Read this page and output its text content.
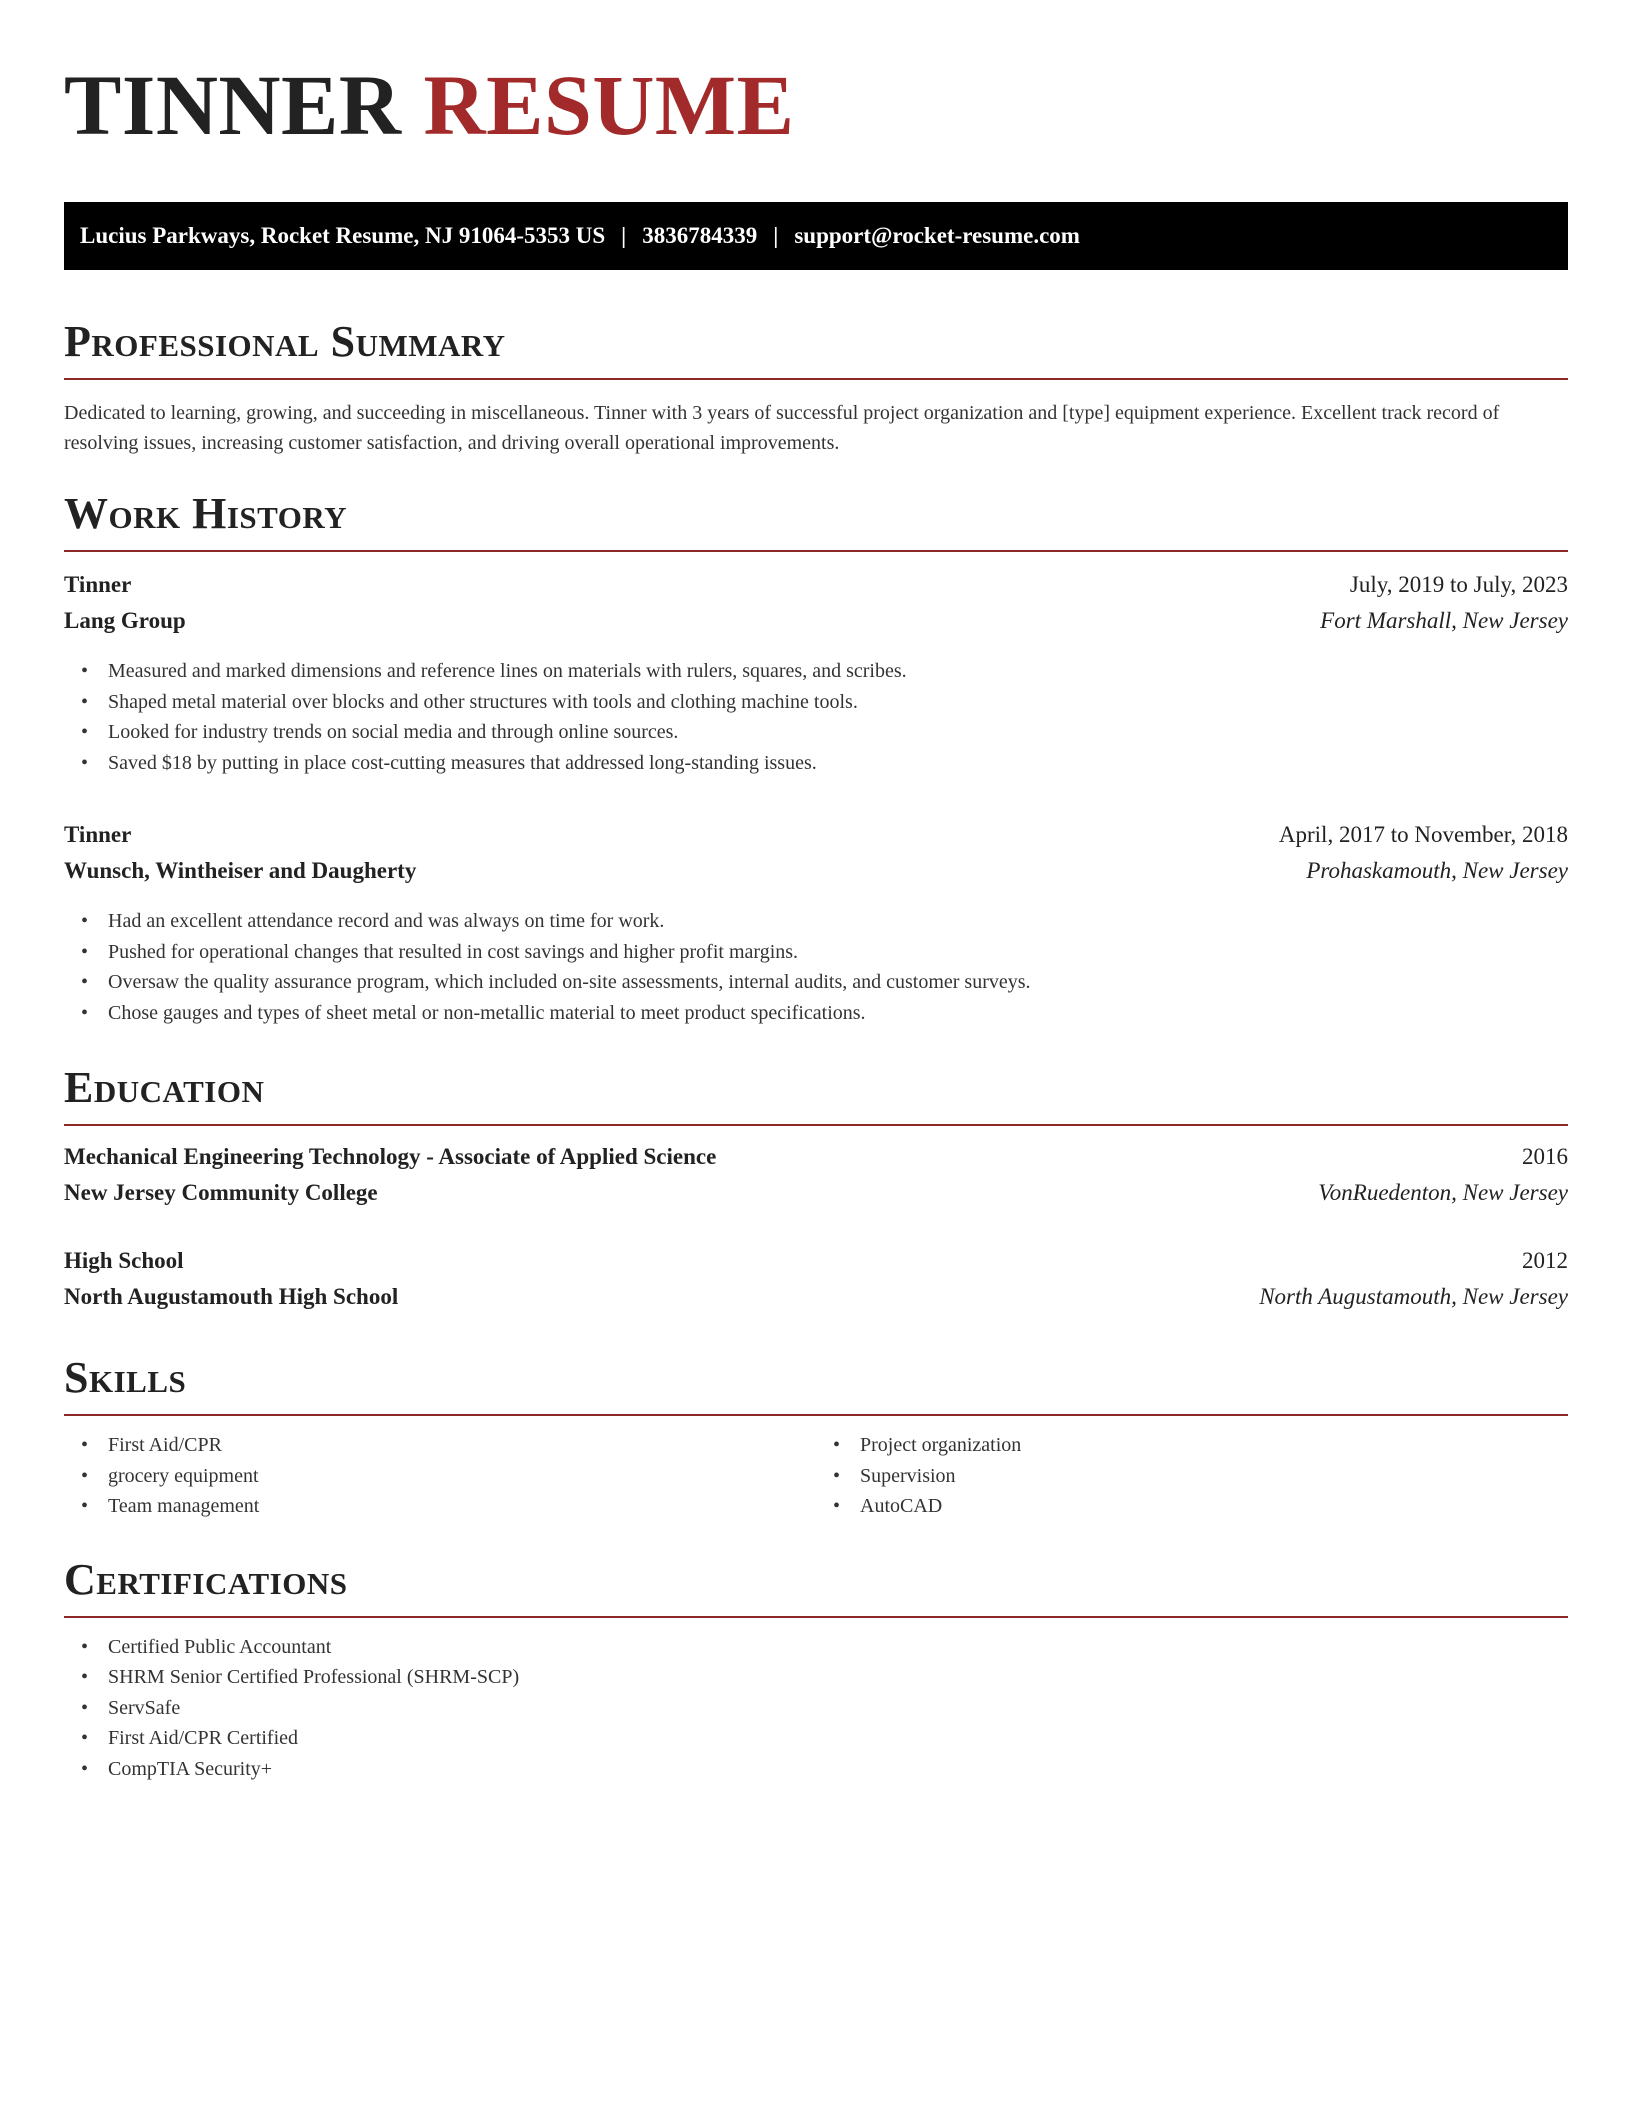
TINNER RESUME
Lucius Parkways, Rocket Resume, NJ 91064-5353 US | 3836784339 | support@rocket-resume.com
Professional Summary

Dedicated to learning, growing, and succeeding in miscellaneous. Tinner with 3 years of successful project organization and [type] equipment experience. Excellent track record of resolving issues, increasing customer satisfaction, and driving overall operational improvements.

Work History
Tinner	July, 2019 to July, 2023
Lang Group	Fort Marshall, New Jersey
• Measured and marked dimensions and reference lines on materials with rulers, squares, and scribes.
• Shaped metal material over blocks and other structures with tools and clothing machine tools.
• Looked for industry trends on social media and through online sources.
• Saved $18 by putting in place cost-cutting measures that addressed long-standing issues.
Tinner	April, 2017 to November, 2018
Wunsch, Wintheiser and Daugherty	Prohaskamouth, New Jersey
• Had an excellent attendance record and was always on time for work.
• Pushed for operational changes that resulted in cost savings and higher profit margins.
• Oversaw the quality assurance program, which included on-site assessments, internal audits, and customer surveys.
• Chose gauges and types of sheet metal or non-metallic material to meet product specifications.
Education
Mechanical Engineering Technology - Associate of Applied Science	2016
New Jersey Community College	VonRuedenton, New Jersey
High School	2012
North Augustamouth High School	North Augustamouth, New Jersey
Skills
• First Aid/CPR
• grocery equipment
• Team management
• Project organization
• Supervision
• AutoCAD
Certifications
• Certified Public Accountant
• SHRM Senior Certified Professional (SHRM-SCP)
• ServSafe
• First Aid/CPR Certified
• CompTIA Security+
